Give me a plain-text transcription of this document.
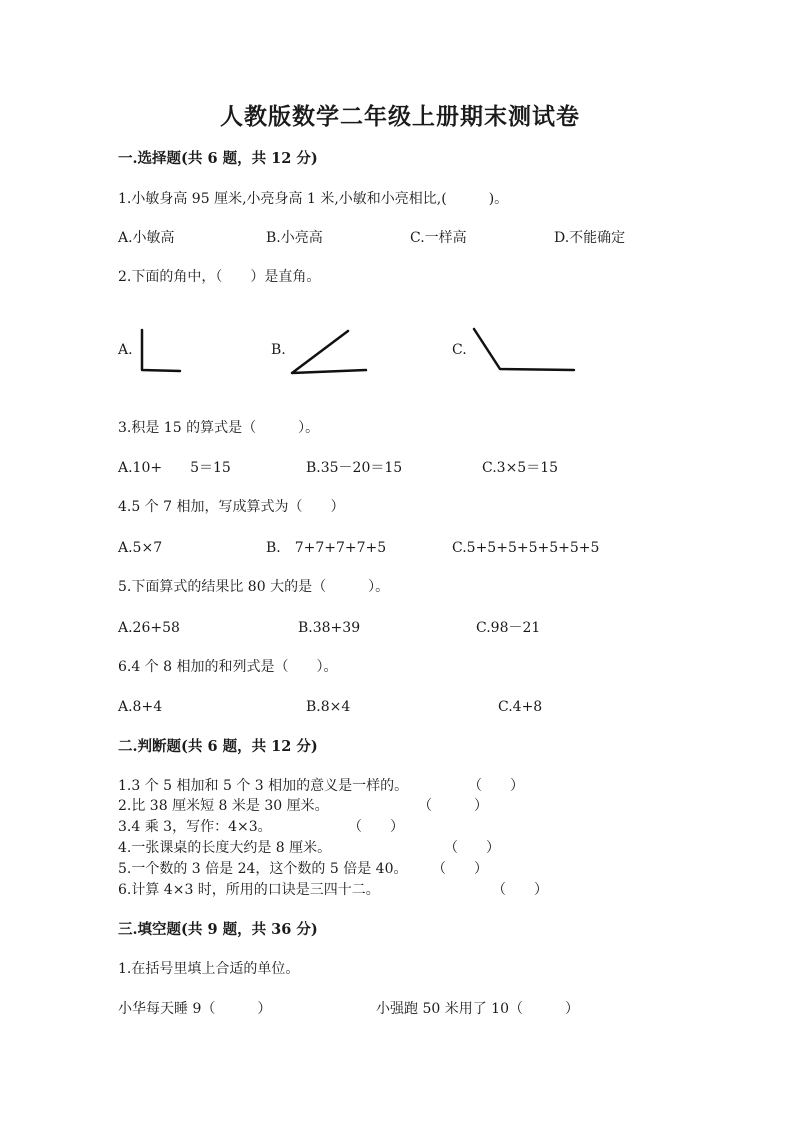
人教版数学二年级上册期末测试卷
一.选择题(共 6 题，共 12 分)
1.小敏身高 95 厘米,小亮身高 1 米,小敏和小亮相比,(　　　)。
A.小敏高	B.小亮高	C.一样高	D.不能确定
2.下面的角中，（　　）是直角。
A.	B.	C.
3.积是 15 的算式是（　　　）。
A.10+　　5＝15	B.35－20＝15	C.3×5＝15
4.5 个 7 相加，写成算式为（　　）
A.5×7	B.　7+7+7+7+5	C.5+5+5+5+5+5+5
5.下面算式的结果比 80 大的是（　　　）。
A.26+58	B.38+39	C.98－21
6.4 个 8 相加的和列式是（　　）。
A.8+4	B.8×4	C.4+8
二.判断题(共 6 题，共 12 分)
1.3 个 5 相加和 5 个 3 相加的意义是一样的。	（　　）
2.比 38 厘米短 8 米是 30 厘米。	（　　　）
3.4 乘 3，写作：4×3。	（　　）
4.一张课桌的长度大约是 8 厘米。	（　　）
5.一个数的 3 倍是 24，这个数的 5 倍是 40。 （　　）
6.计算 4×3 时，所用的口诀是三四十二。	（　　）
三.填空题(共 9 题，共 36 分)
1.在括号里填上合适的单位。
小华每天睡 9（　　　）	小强跑 50 米用了 10（　　　）
